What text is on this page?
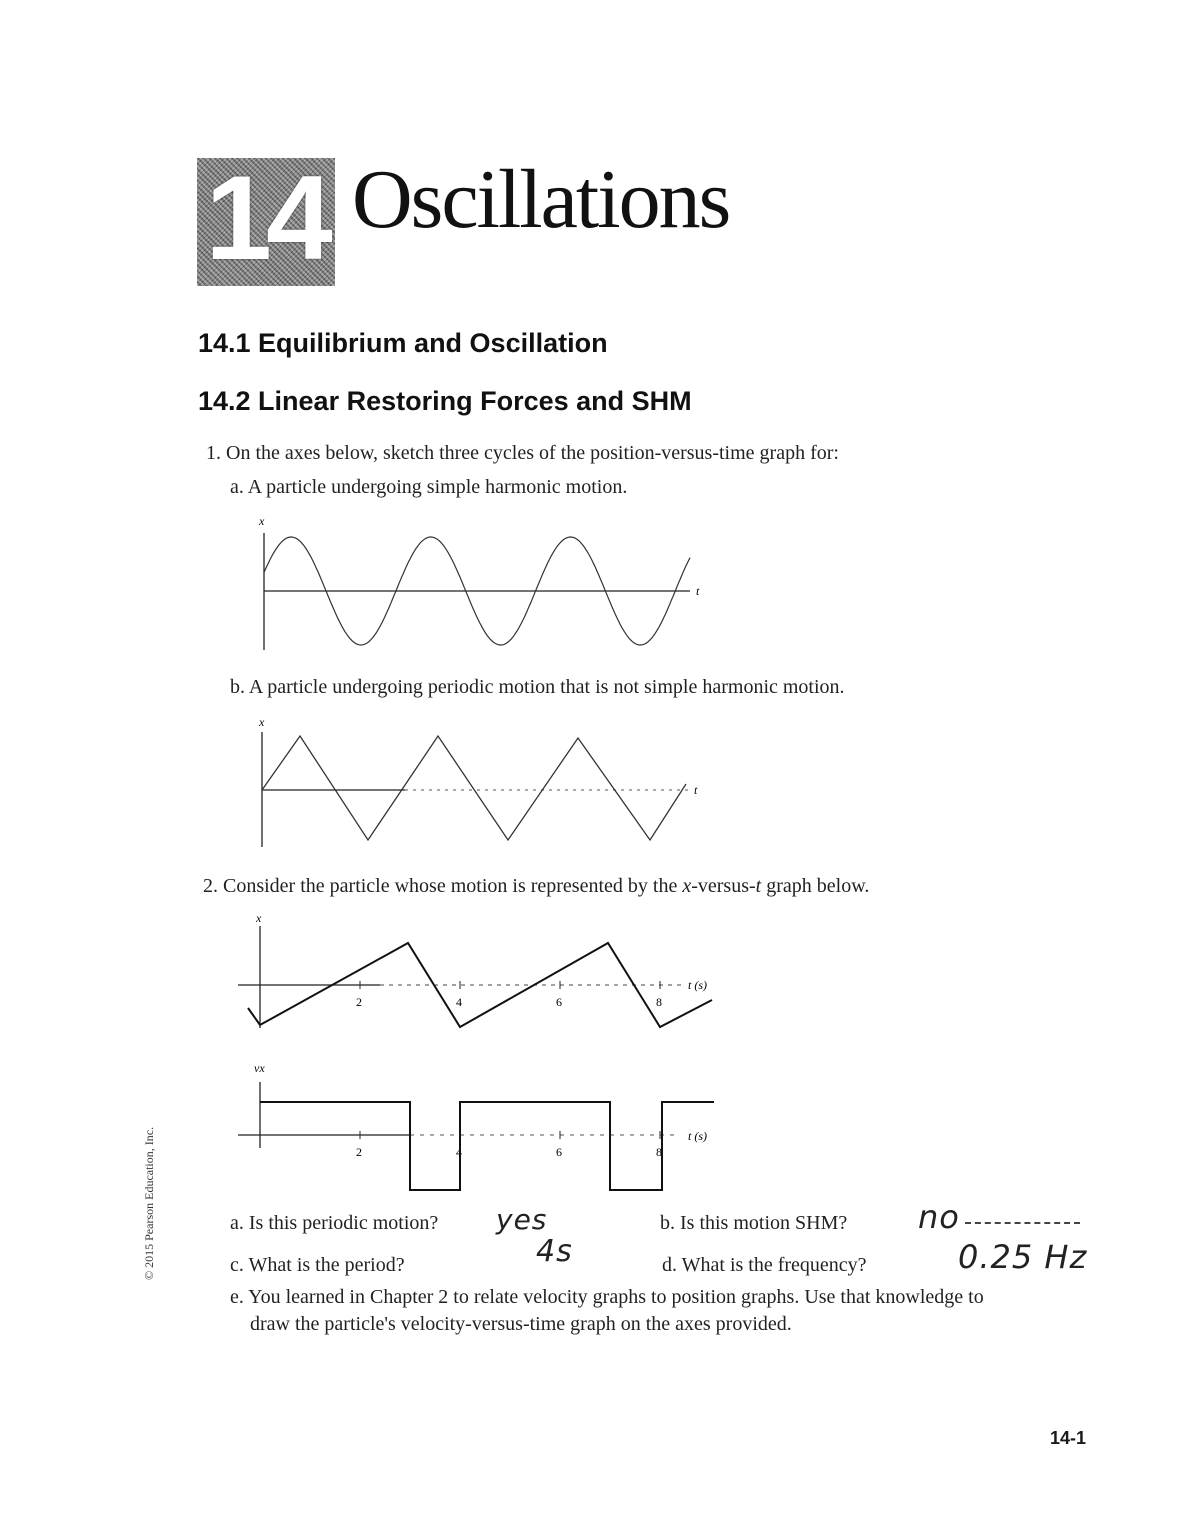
14 Oscillations
14.1 Equilibrium and Oscillation
14.2 Linear Restoring Forces and SHM
1. On the axes below, sketch three cycles of the position-versus-time graph for:
a. A particle undergoing simple harmonic motion.
x
t
b. A particle undergoing periodic motion that is not simple harmonic motion.
x
t
2. Consider the particle whose motion is represented by the x-versus-t graph below.
x
t (s)
2	4	6	8
vx
t (s)
2	4	6	8
a. Is this periodic motion? yes	b. Is this motion SHM? no
c. What is the period?	4s	d. What is the frequency?	0.25 Hz
e. You learned in Chapter 2 to relate velocity graphs to position graphs. Use that knowledge to
draw the particle's velocity-versus-time graph on the axes provided.
© 2015 Pearson Education, Inc.
14-1
